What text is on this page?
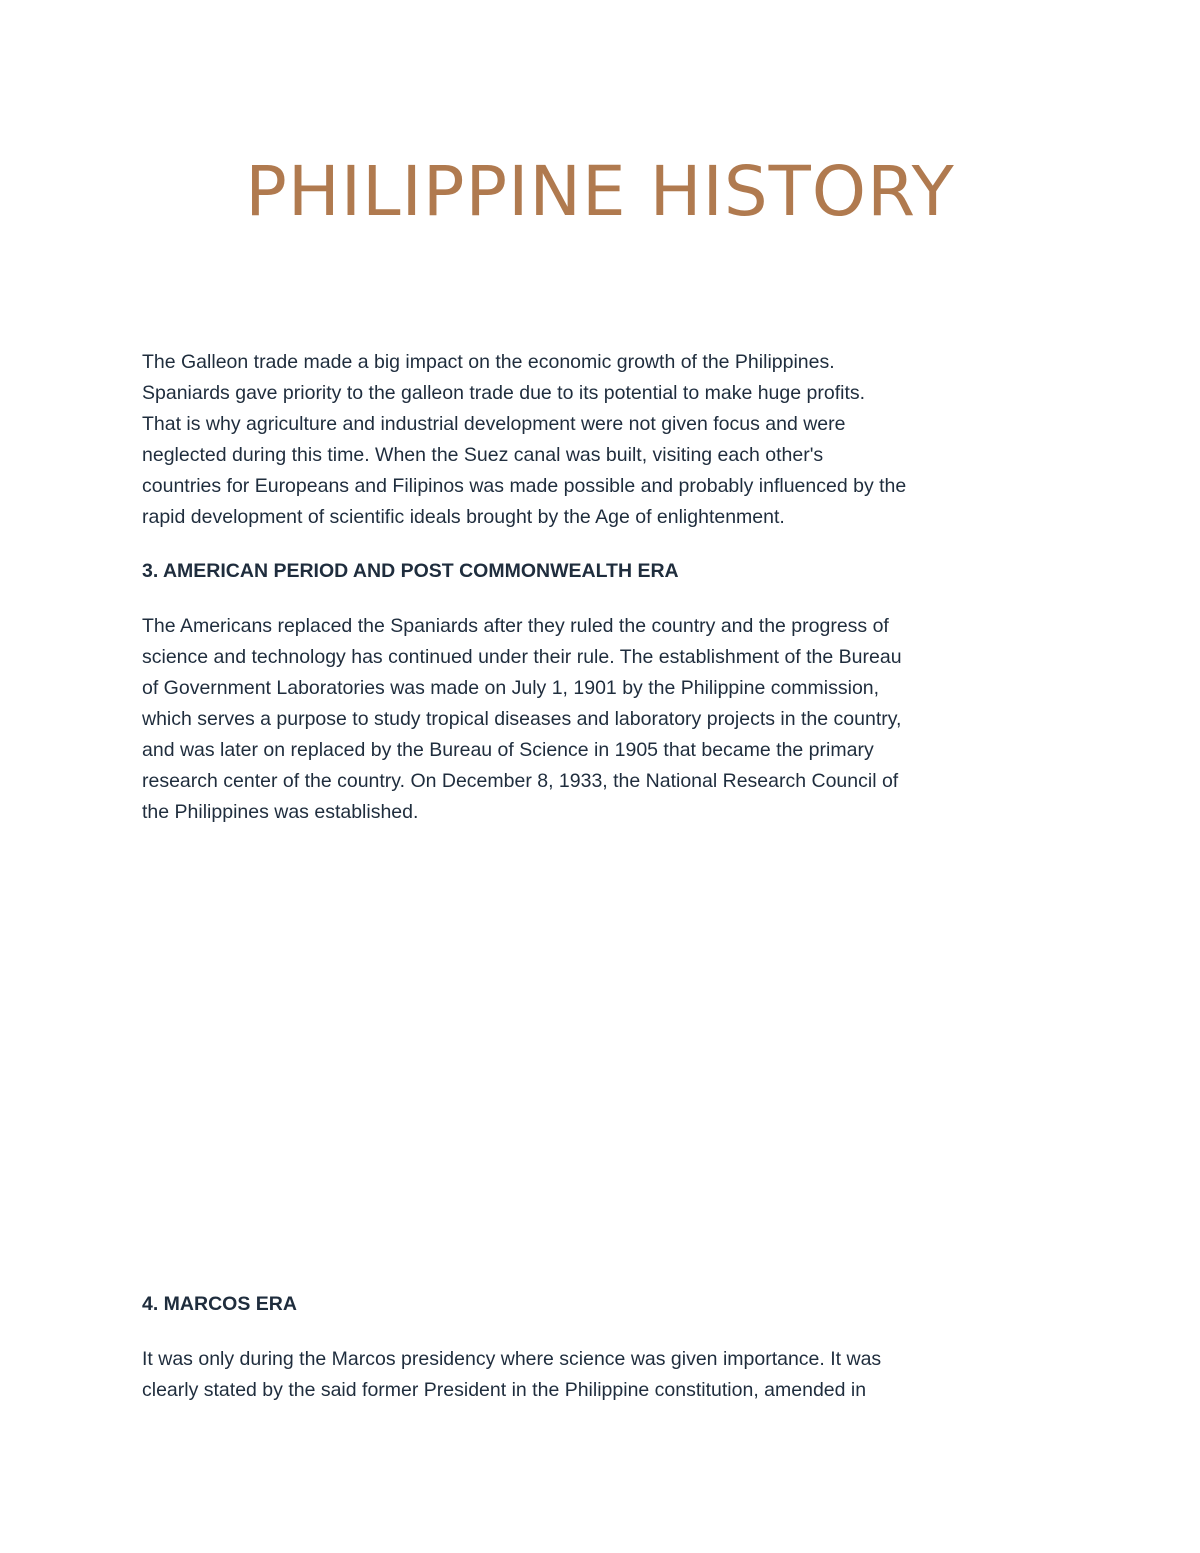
PHILIPPINE HISTORY
The Galleon trade made a big impact on the economic growth of the Philippines.
Spaniards gave priority to the galleon trade due to its potential to make huge profits.
That is why agriculture and industrial development were not given focus and were
neglected during this time. When the Suez canal was built, visiting each other's
countries for Europeans and Filipinos was made possible and probably influenced by the
rapid development of scientific ideals brought by the Age of enlightenment.
3. AMERICAN PERIOD AND POST COMMONWEALTH ERA
The Americans replaced the Spaniards after they ruled the country and the progress of
science and technology has continued under their rule. The establishment of the Bureau
of Government Laboratories was made on July 1, 1901 by the Philippine commission,
which serves a purpose to study tropical diseases and laboratory projects in the country,
and was later on replaced by the Bureau of Science in 1905 that became the primary
research center of the country. On December 8, 1933, the National Research Council of
the Philippines was established.
4. MARCOS ERA
It was only during the Marcos presidency where science was given importance. It was
clearly stated by the said former President in the Philippine constitution, amended in
